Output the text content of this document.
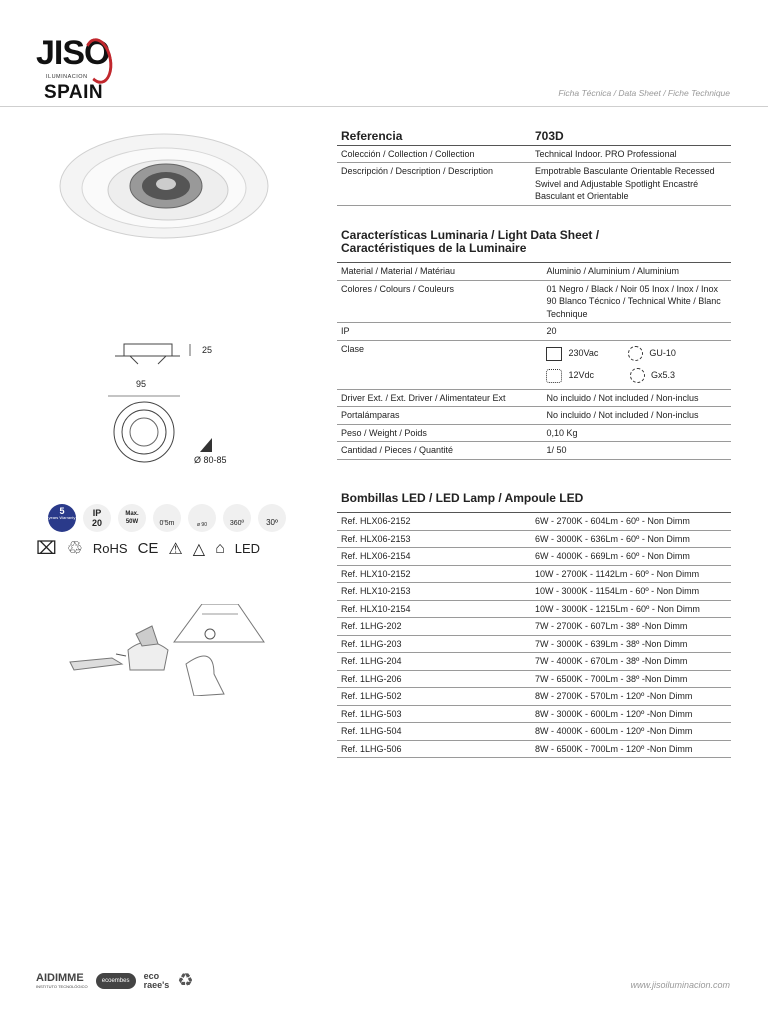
JISO
ILUMINACION
SPAIN	Ficha Técnica / Data Sheet / Fiche Technique
25
95
Ø 80-85
5
years Warranty	IP
20
Max.
50W	0'5m	ø 90	360º	30º
⌧ ♲ RoHS CE ⚠ △ ⌂ LED
Referencia	703D
Colección / Collection / Collection	Technical Indoor. PRO Professional
Descripción / Description / Description	Empotrable Basculante Orientable Recessed Swivel and Adjustable Spotlight Encastré Basculant et Orientable
Características Luminaria / Light Data Sheet / Caractéristiques de la Luminaire
Material / Material / Matériau	Aluminio / Aluminium / Aluminium
Colores / Colours / Couleurs	01 Negro / Black / Noir 05 Inox / Inox / Inox 90 Blanco Técnico / Technical White / Blanc Technique
IP	20
Clase	230Vac GU-10
12Vdc Gx5.3

Driver Ext. / Ext. Driver / Alimentateur Ext	No incluido / Not included / Non-inclus
Portalámparas	No incluido / Not included / Non-inclus
Peso / Weight / Poids	0,10 Kg
Cantidad / Pieces / Quantité	1/ 50
Bombillas LED / LED Lamp / Ampoule LED
Ref. HLX06-2152	6W - 2700K - 604Lm - 60º - Non Dimm
Ref. HLX06-2153	6W - 3000K - 636Lm - 60º - Non Dimm
Ref. HLX06-2154	6W - 4000K - 669Lm - 60º - Non Dimm
Ref. HLX10-2152	10W - 2700K - 1142Lm - 60º - Non Dimm
Ref. HLX10-2153	10W - 3000K - 1154Lm - 60º - Non Dimm
Ref. HLX10-2154	10W - 3000K - 1215Lm - 60º - Non Dimm
Ref. 1LHG-202	7W - 2700K - 607Lm - 38º -Non Dimm
Ref. 1LHG-203	7W - 3000K - 639Lm - 38º -Non Dimm
Ref. 1LHG-204	7W - 4000K - 670Lm - 38º -Non Dimm
Ref. 1LHG-206	7W - 6500K - 700Lm - 38º -Non Dimm
Ref. 1LHG-502	8W - 2700K - 570Lm - 120º -Non Dimm
Ref. 1LHG-503	8W - 3000K - 600Lm - 120º -Non Dimm
Ref. 1LHG-504	8W - 4000K - 600Lm - 120º -Non Dimm
Ref. 1LHG-506	8W - 6500K - 700Lm - 120º -Non Dimm
AIDIMME
INSTITUTO TECNOLÓGICO
ecoembes eco
raee's ♻	www.jisoiluminacion.com
